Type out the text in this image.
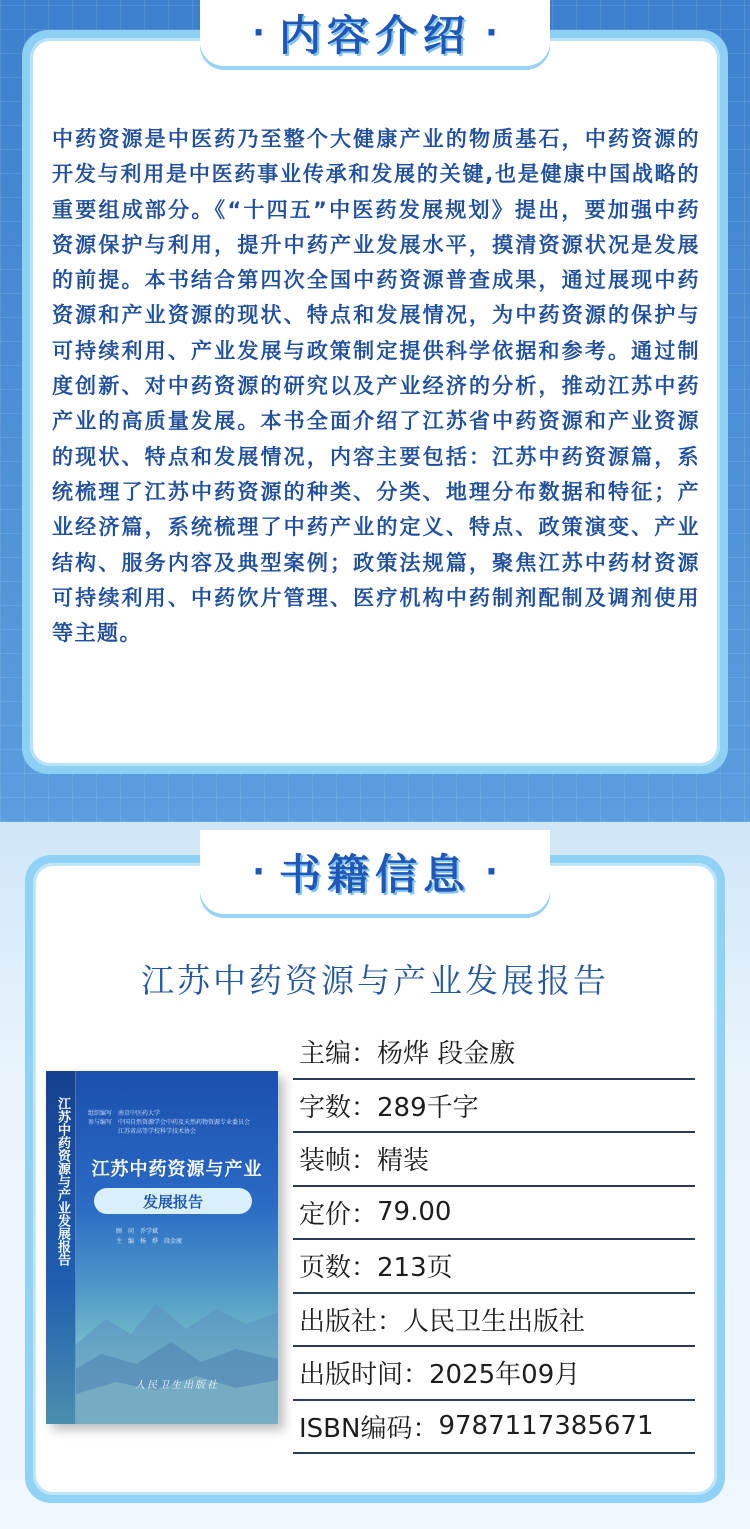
· 内容介绍 ·

中药资源是中医药乃至整个大健康产业的物质基石，中药资源的开发与利用是中医药事业传承和发展的关键,也是健康中国战略的重要组成部分。《“十四五”中医药发展规划》提出，要加强中药资源保护与利用，提升中药产业发展水平，摸清资源状况是发展的前提。本书结合第四次全国中药资源普查成果，通过展现中药资源和产业资源的现状、特点和发展情况，为中药资源的保护与可持续利用、产业发展与政策制定提供科学依据和参考。通过制度创新、对中药资源的研究以及产业经济的分析，推动江苏中药产业的高质量发展。本书全面介绍了江苏省中药资源和产业资源的现状、特点和发展情况，内容主要包括：江苏中药资源篇，系统梳理了江苏中药资源的种类、分类、地理分布数据和特征；产业经济篇，系统梳理了中药产业的定义、特点、政策演变、产业结构、服务内容及典型案例；政策法规篇，聚焦江苏中药材资源可持续利用、中药饮片管理、医疗机构中药制剂配制及调剂使用等主题。

· 书籍信息 ·
江苏中药资源与产业发展报告
江苏中药资源与产业发展报告	组织编写　南京中医药大学
参与编写　中国自然资源学会中药及天然药物资源专业委员会
　　　　　江苏省高等学校科学技术协会
江苏中药资源与产业
发展报告
顾　问　乔学斌
主　编　杨　烨　段金廒
人民卫生出版社
主编： 杨烨 段金廒
字数： 289千字
装帧： 精装
定价： 79.00
页数： 213页
出版社： 人民卫生出版社
出版时间： 2025年09月
ISBN编码： 9787117385671
